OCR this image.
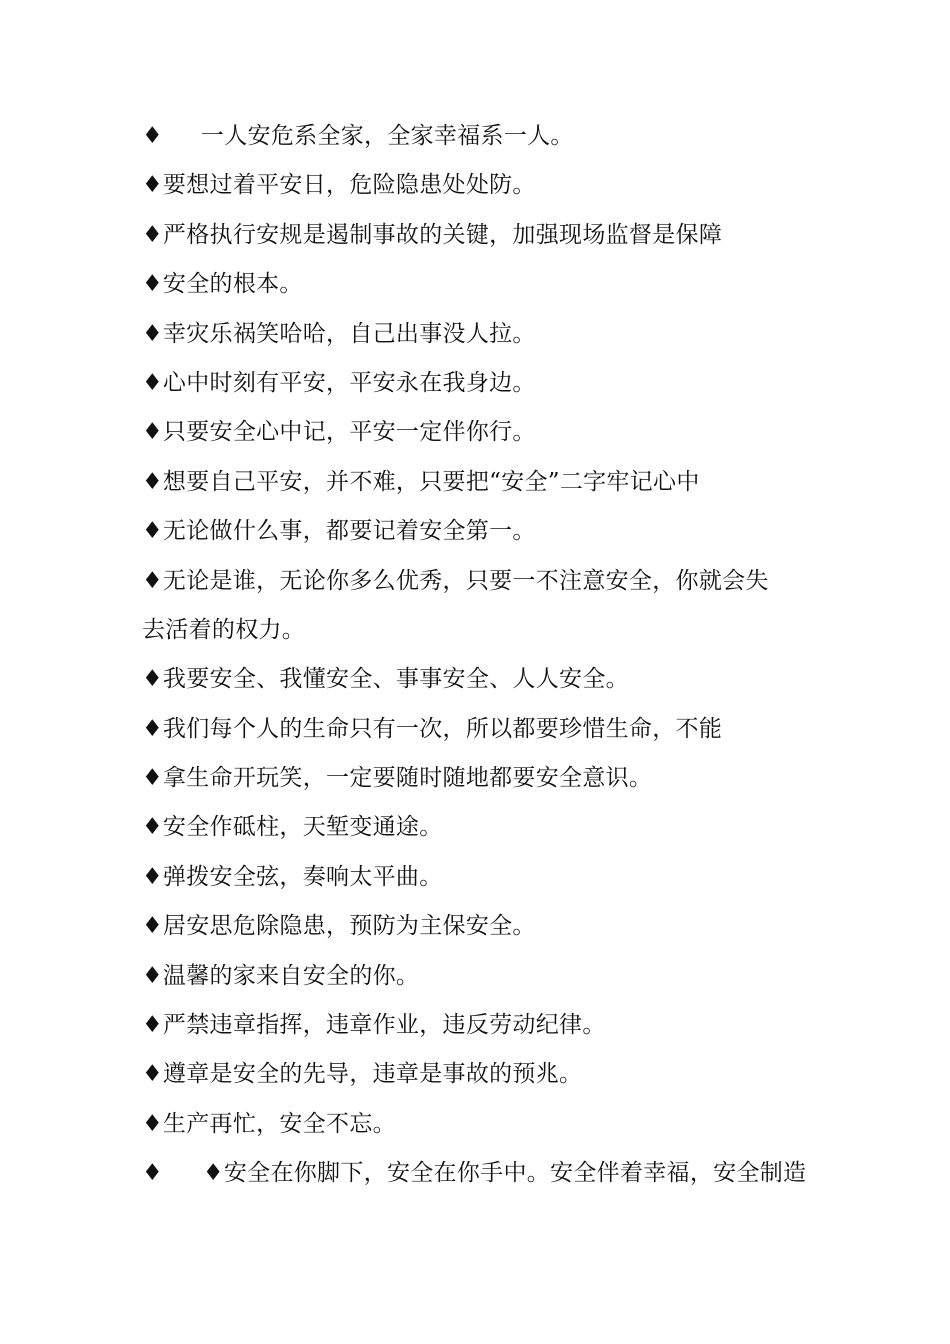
♦ 一人安危系全家，全家幸福系一人。
♦要想过着平安日，危险隐患处处防。
♦严格执行安规是遏制事故的关键，加强现场监督是保障
♦安全的根本。
♦幸灾乐祸笑哈哈，自己出事没人拉。
♦心中时刻有平安，平安永在我身边。
♦只要安全心中记，平安一定伴你行。
♦想要自己平安，并不难，只要把“安全”二字牢记心中
♦无论做什么事，都要记着安全第一。
♦无论是谁，无论你多么优秀，只要一不注意安全，你就会失
去活着的权力。
♦我要安全、我懂安全、事事安全、人人安全。
♦我们每个人的生命只有一次，所以都要珍惜生命，不能
♦拿生命开玩笑，一定要随时随地都要安全意识。
♦安全作砥柱，天堑变通途。
♦弹拨安全弦，奏响太平曲。
♦居安思危除隐患，预防为主保安全。
♦温馨的家来自安全的你。
♦严禁违章指挥，违章作业，违反劳动纪律。
♦遵章是安全的先导，违章是事故的预兆。
♦生产再忙，安全不忘。
♦ ♦安全在你脚下，安全在你手中。安全伴着幸福，安全制造
